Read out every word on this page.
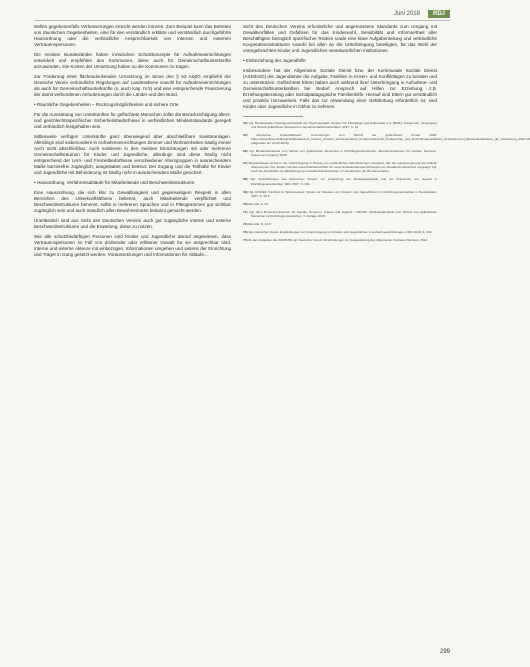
Juni 2018	RDJ

stellen gegebenenfalls Verbesserungen erreicht werden können. Zum Beispiel kann das Betreten von räumlichen Gegebenheiten, eine für den verständlich erklärte und verständlich durchgeführte Hausordnung oder die verbindliche Ansprechbarkeit von internen und externen Vertrauenspersonen.

Die meisten Bundesländer haben inzwischen Schutzkonzepte für Aufnahmeeinrichtungen entwickelt und empfehlen den Kommunen, diese auch für Gemeinschaftsunterkünfte anzuwenden. Die Kosten der Umsetzung haben so die Kommunen zu tragen.

Zur Förderung einer flächendeckenden Umsetzung im Sinne des § 53 AsylG empfiehlt der Deutsche Verein verbindliche Regelungen auf Landesebene sowohl für Aufnahmeeinrichtungen als auch für Gemeinschaftsunterkünfte (s. auch Kap. IV.5) und eine entsprechende Finanzierung der damit verbundenen Anforderungen durch die Länder und den Bund.

• Räumliche Gegebenheiten – Rückzugsmöglichkeiten und sichere Orte

Für die Ausstattung von Unterkünften für geflüchtete Menschen sollte die Berücksichtigung alters- und geschlechtsspezifischer Sicherheitsbedürfnisse in verbindlichen Mindeststandards geregelt und verbindlich festgehalten sein.

Mittlerweile verfügen Unterkünfte ganz überwiegend über abschließbare Sanitäranlagen. Allerdings sind insbesondere in Aufnahmeeinrichtungen Zimmer und Wohneinheiten häufig immer noch nicht abschließbar. Auch existieren in den meisten Einrichtungen mit oder mehreren Gemeinschaftsräumen für Kinder und Jugendliche, allerdings sind diese häufig nicht entsprechend der Lern- und Freizeitbedürfnisse verschiedener Altersgruppen in ausreichendem Maße barrierefrei zugänglich, ausgestattet und betreut. Der Zugang und die Teilhabe für Kinder und Jugendliche mit Behinderung ist häufig nicht in ausreichendem Maße gesichert.

• Hausordnung, Verfahrensabläufe für Mitarbeitende und Beschwerdestrukturen

Eine Hausordnung, die sich klar zu Gewaltlosigkeit und gegenseitigem Respekt in allen Bereichen des Unterkunftslebens bekennt, auch Mitarbeitende verpflichtet und Beschwerdestrukturen benennt, sollte in mehreren Sprachen und in Piktogrammen gut sichtbar zugänglich sein und auch mündlich allen Bewohnerinnen bekannt gemacht werden.

Unerlässlich sind aus Sicht des Deutschen Vereins auch gut zugängliche interne und externe Beschwerdestrukturen und die Erwartung, diese zu nutzen.

Wie alle schutzbedürftigen Personen sind Kinder und Jugendliche darauf angewiesen, dass Vertrauenspersonen im Fall von drohender oder erlittener Gewalt für sie ansprechbar sind. Interne und externe Akteure mit einbezogen, Informationen umgehen und seitens der Einrichtung und Träger in Gang gesetzt werden. Voraussetzungen und Informationen für Abläufe...

Sicht des Deutschen Vereins erforderliche und angemessene Standards zum Umgang mit Gewaltvorfällen und Gefahren für das Kindeswohl, Sensibilität und Informiertheit aller Beschäftigten bezüglich spezifischer Risiken sowie eine klare Aufgabenteilung und verbindliche Kooperationsstrukturen sowohl bei allen an der Unterbringung beteiligten, für das Wohl der untergebrachten Kinder und Jugendlichen verantwortlichen Institutionen.

• Einbeziehung der Jugendhilfe

Insbesondere hat der Allgemeine Soziale Dienst bzw. der Kommunale Soziale Dienst (ASD/KSD) der Jugendämter die Aufgabe, Familien in Krisen- und Konfliktlagen zu beraten und zu unterstützen. Geflüchtete Eltern haben auch während ihrer Unterbringung in Aufnahme- und Gemeinschaftsunterkünften bei Bedarf Anspruch auf Hilfen zur Erziehung, z.B. Erziehungsberatung oder Sozialpädagogische Familienhilfe. Hierauf sind Eltern gut verständlich und proaktiv hinzuweisen. Falls das zur Abwendung einer Gefährdung erforderlich ist, sind Kinder oder Jugendliche in Obhut zu nehmen.

64) Vgl. Bundesweite Arbeitsgemeinschaft der Psychosozialen Zentren für Flüchtlinge und Folteropfer e.V. (BAfF): Ankommen, Versorgung und Schutz geflüchteter Menschen in Gemeinschaftsunterkünften, 2017, S. 12.

65)	Deutsches Kinderhilfswerk: Umsetzungen zum Schutz der geflüchteten Kinder 2018, https://www.dkhw.de/fileadmin/Redaktion/1_Unsere_Arbeit/1_Schwerpunkte/2_Kinderrechte/2.20_Kinderrechte_und_Flucht/Bundesinitiative_Schutzkonzept_Bestandsaufnahme_der_Umsetzung_2018.pdf (abgerufen am 14.05.2018).

66) Vgl. Mindeststandards zum Schutz von geflüchteten Menschen in Flüchtlingsunterkünften, Bundesministerium für Familie, Senioren, Frauen und Jugend, 2018.

67) Beispielsweise wurde in der Unterbringung in Hessen ein verbindliches Schutzkonzept entwickelt, das die Landesregierung als Leitlinie übernommen hat. Zudem hat das Land Rheinland-Pfalz für seine Erstaufnahmeeinrichtungen ein Gewaltschutzkonzept vorgelegt. Vgl. auch die Arbeitshilfe zur Einführung von Gewaltschutzkonzepten in Unterkünften der Bundesinitiative.

68) Vgl. Empfehlungen des Deutschen Vereins zur Umsetzung der Mindeststandards und zur Prävention von Gewalt in Flüchtlingsunterkünften, NDV 2017, S. 101.

69) Vgl. UNICEF: Kindheit im Wartezustand. Studie zur Situation von Kindern und Jugendlichen in Flüchtlingsunterkünften in Deutschland, 2017, S. 26 ff.

70) Ebenda, S. 32.

71) Vgl. dazu Bundesministerium für Familie, Senioren, Frauen und Jugend / UNICEF: Mindeststandards zum Schutz von geflüchteten Menschen in Flüchtlingsunterkünften, 3. Auflage 2018.

72) Ebenda, S. 14 ff.

73) Vgl. Deutscher Verein: Empfehlungen zur Unterbringung von Kindern und Jugendlichen in Aufnahmeeinrichtungen, NDV 2018, S. 249.

74) Zu den Aufgaben des ASD/KSD vgl. Deutscher Verein: Empfehlungen zur Ausgestaltung des Allgemeinen Sozialen Dienstes, 2014.

299
